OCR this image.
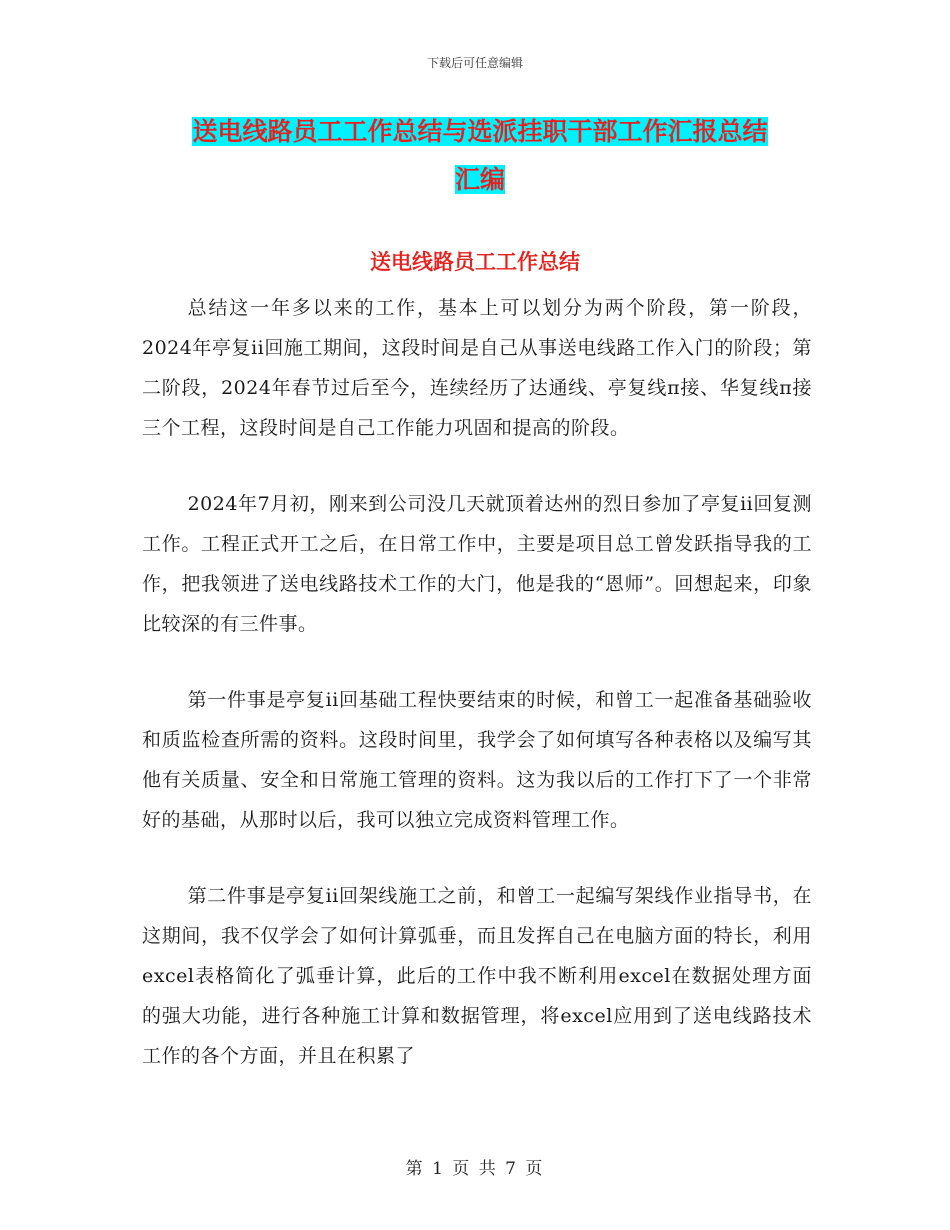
下载后可任意编辑
送电线路员工工作总结与选派挂职干部工作汇报总结
汇编
送电线路员工工作总结

总结这一年多以来的工作，基本上可以划分为两个阶段，第一阶段，2024年亭复ii回施工期间，这段时间是自己从事送电线路工作入门的阶段；第二阶段，2024年春节过后至今，连续经历了达通线、亭复线π接、华复线π接三个工程，这段时间是自己工作能力巩固和提高的阶段。

2024年7月初，刚来到公司没几天就顶着达州的烈日参加了亭复ii回复测工作。工程正式开工之后，在日常工作中，主要是项目总工曾发跃指导我的工作，把我领进了送电线路技术工作的大门，他是我的“恩师”。回想起来，印象比较深的有三件事。

第一件事是亭复ii回基础工程快要结束的时候，和曾工一起准备基础验收和质监检查所需的资料。这段时间里，我学会了如何填写各种表格以及编写其他有关质量、安全和日常施工管理的资料。这为我以后的工作打下了一个非常好的基础，从那时以后，我可以独立完成资料管理工作。

第二件事是亭复ii回架线施工之前，和曾工一起编写架线作业指导书，在这期间，我不仅学会了如何计算弧垂，而且发挥自己在电脑方面的特长，利用excel表格简化了弧垂计算，此后的工作中我不断利用excel在数据处理方面的强大功能，进行各种施工计算和数据管理，将excel应用到了送电线路技术工作的各个方面，并且在积累了

第 1 页 共 7 页
